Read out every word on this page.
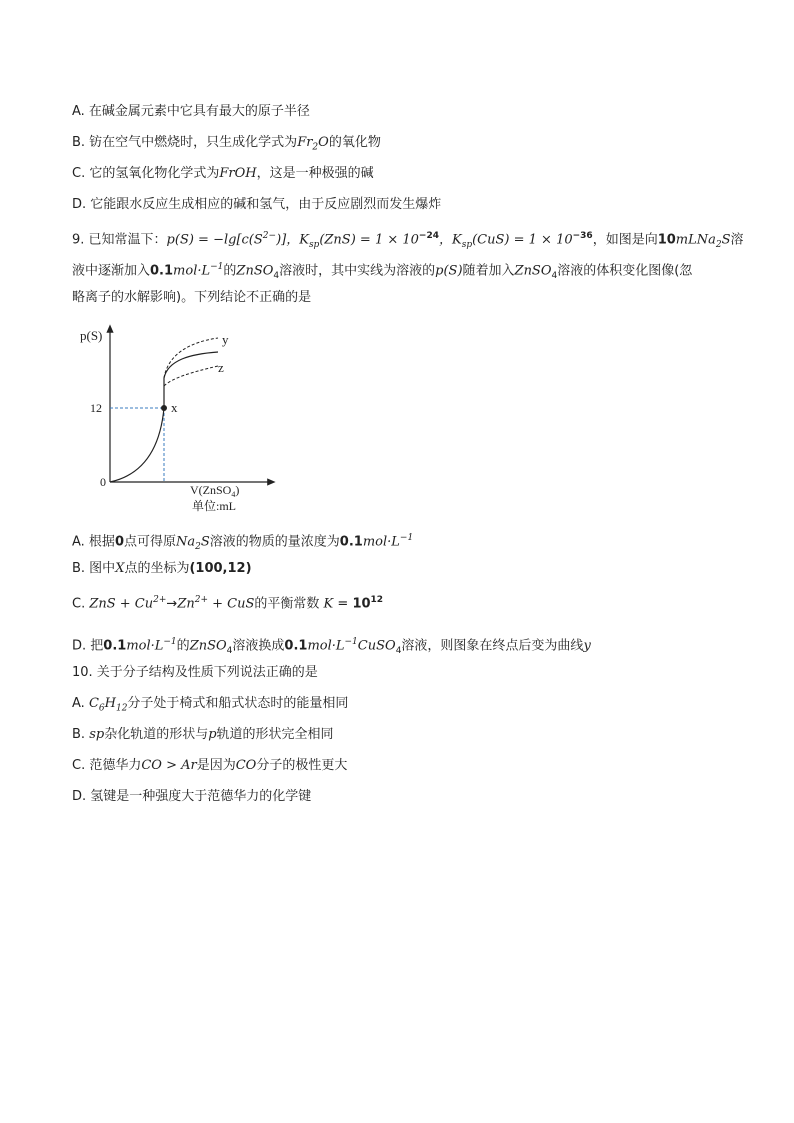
A. 在碱金属元素中它具有最大的原子半径
B. 钫在空气中燃烧时，只生成化学式为$Fr_2O$的氧化物
C. 它的氢氧化物化学式为FrOH，这是一种极强的碱
D. 它能跟水反应生成相应的碱和氢气，由于反应剧烈而发生爆炸
9. 已知常温下：$p(S) = -\lg[c(S^{2-})]$，$K_{sp}(ZnS) = 1 \times 10^{-24}$，$K_{sp}(CuS) = 1 \times 10^{-36}$，如图是向10mLNa$_2$S溶
液中逐渐加入$0.1mol\cdot L^{-1}$的ZnSO$_4$溶液时，其中实线为溶液的p(S)随着加入ZnSO$_4$溶液的体积变化图像(忽
略离子的水解影响)。下列结论不正确的是
p(S)
0
12	x
y
z
V(ZnSO$_4$)
单位:mL
A. 根据0点可得原$Na_2S$溶液的物质的量浓度为$0.1mol\cdot L^{-1}$
B. 图中X点的坐标为(100,12)
C. ZnS + $Cu^{2+}\to Zn^{2+}$ + CuS的平衡常数 $K = 10^{12}$
D. 把$0.1mol\cdot L^{-1}$的ZnSO$_4$溶液换成$0.1mol\cdot L^{-1}CuSO_4$溶液，则图象在终点后变为曲线y
10. 关于分子结构及性质下列说法正确的是
A. $C_6H_{12}$分子处于椅式和船式状态时的能量相同
B. sp杂化轨道的形状与p轨道的形状完全相同
C. 范德华力CO > Ar是因为CO分子的极性更大
D. 氢键是一种强度大于范德华力的化学键
